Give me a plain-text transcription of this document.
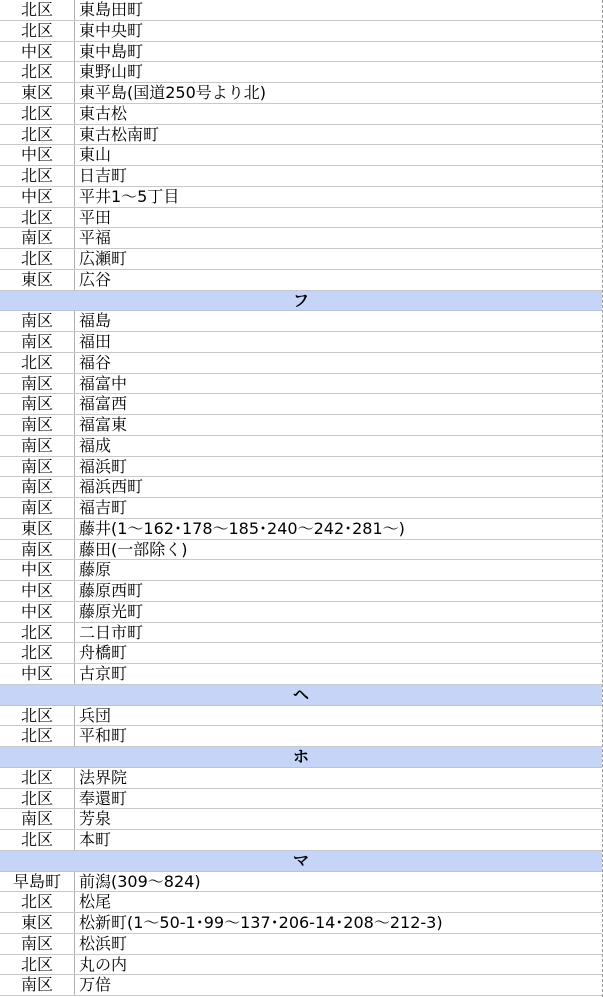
北区	東島田町
北区	東中央町
中区	東中島町
北区	東野山町
東区	東平島(国道250号より北)
北区	東古松
北区	東古松南町
中区	東山
北区	日吉町
中区	平井1～5丁目
北区	平田
南区	平福
北区	広瀬町
東区	広谷
フ
南区	福島
南区	福田
北区	福谷
南区	福富中
南区	福富西
南区	福富東
南区	福成
南区	福浜町
南区	福浜西町
南区	福吉町
東区	藤井(1～162･178～185･240～242･281～)
南区	藤田(一部除く)
中区	藤原
中区	藤原西町
中区	藤原光町
北区	二日市町
北区	舟橋町
中区	古京町
ヘ
北区	兵団
北区	平和町
ホ
北区	法界院
北区	奉還町
南区	芳泉
北区	本町
マ
早島町	前潟(309～824)
北区	松尾
東区	松新町(1～50-1･99～137･206-14･208～212-3)
南区	松浜町
北区	丸の内
南区	万倍
